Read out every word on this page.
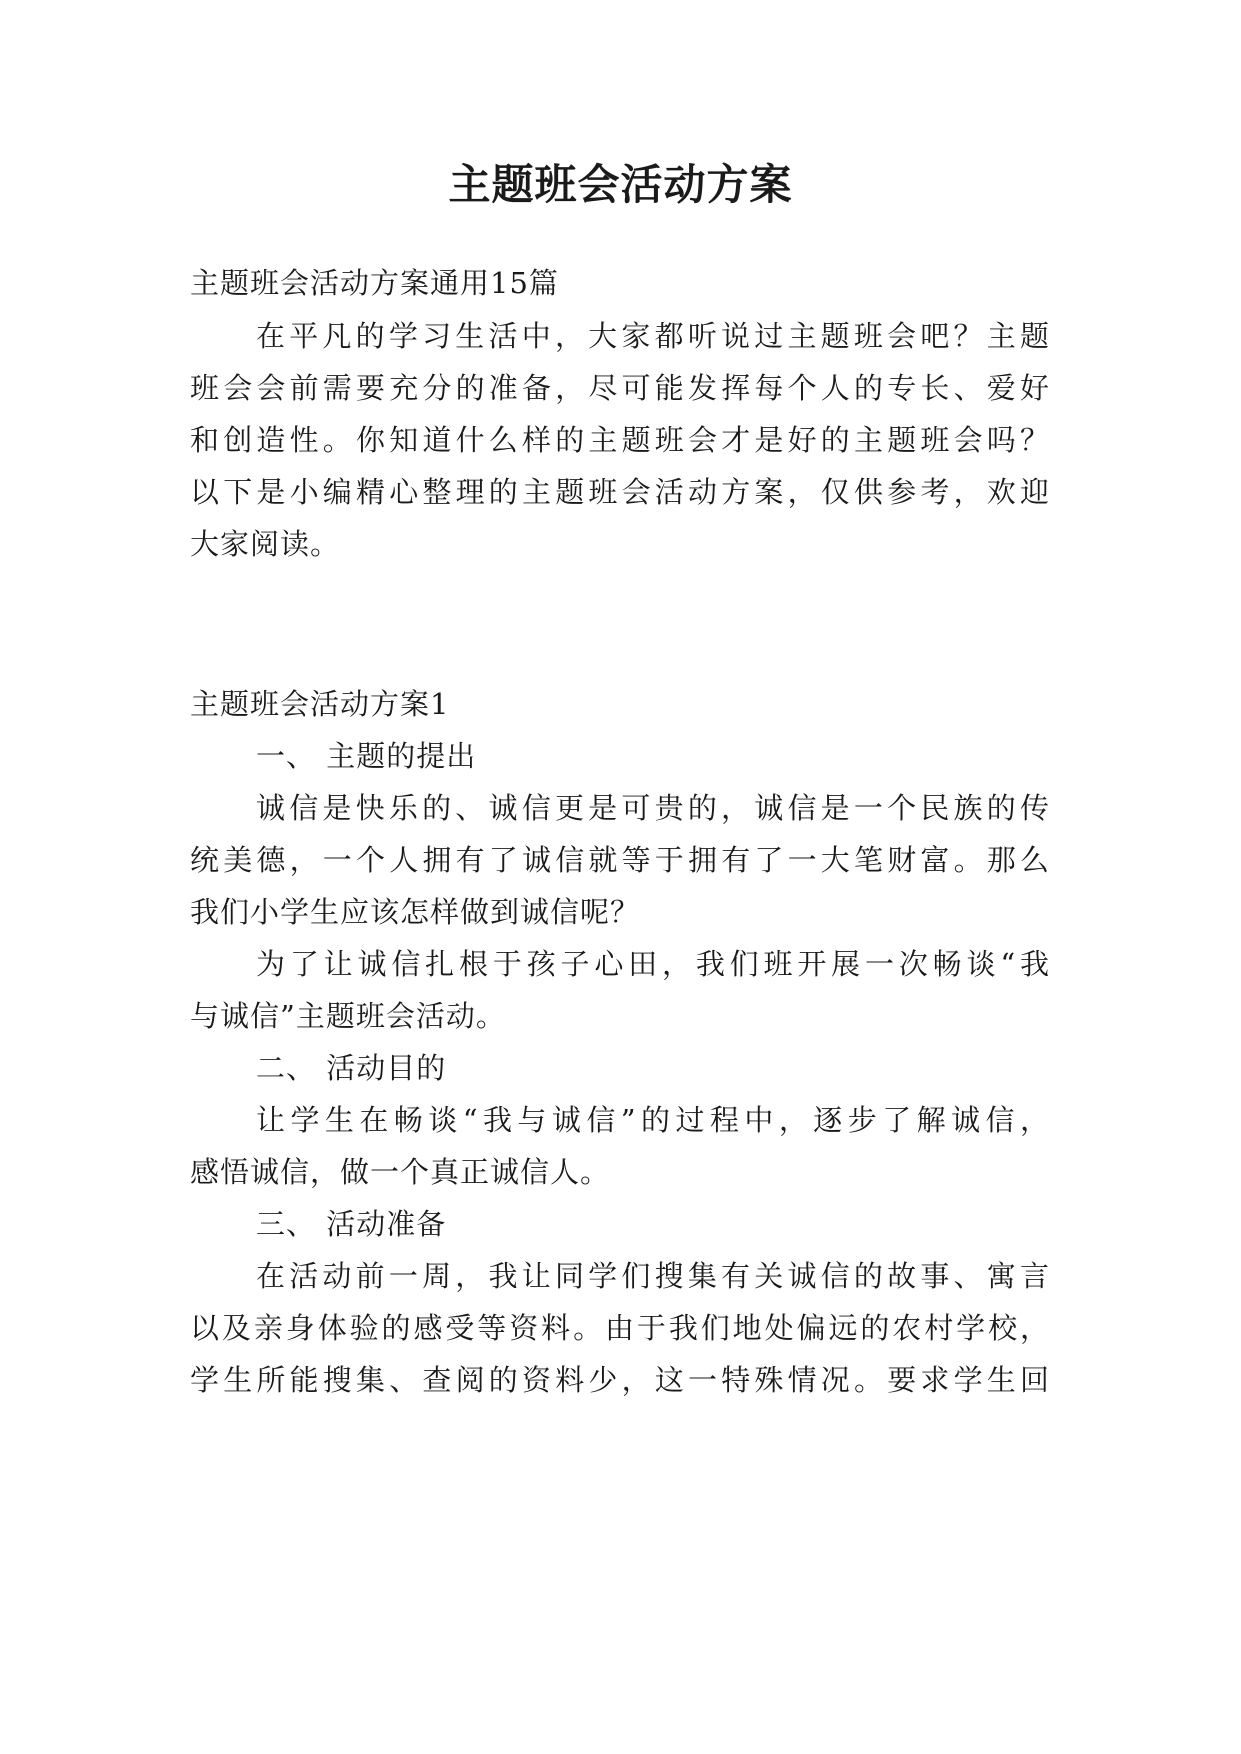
主题班会活动方案
主题班会活动方案通用15篇
在平凡的学习生活中，大家都听说过主题班会吧？主题
班会会前需要充分的准备，尽可能发挥每个人的专长、爱好
和创造性。你知道什么样的主题班会才是好的主题班会吗？
以下是小编精心整理的主题班会活动方案，仅供参考，欢迎
大家阅读。
主题班会活动方案1
一、 主题的提出
诚信是快乐的、诚信更是可贵的，诚信是一个民族的传
统美德，一个人拥有了诚信就等于拥有了一大笔财富。那么
我们小学生应该怎样做到诚信呢？
为了让诚信扎根于孩子心田，我们班开展一次畅谈“我
与诚信”主题班会活动。
二、 活动目的
让学生在畅谈“我与诚信”的过程中，逐步了解诚信，
感悟诚信，做一个真正诚信人。
三、 活动准备
在活动前一周，我让同学们搜集有关诚信的故事、寓言
以及亲身体验的感受等资料。由于我们地处偏远的农村学校，
学生所能搜集、查阅的资料少，这一特殊情况。要求学生回
